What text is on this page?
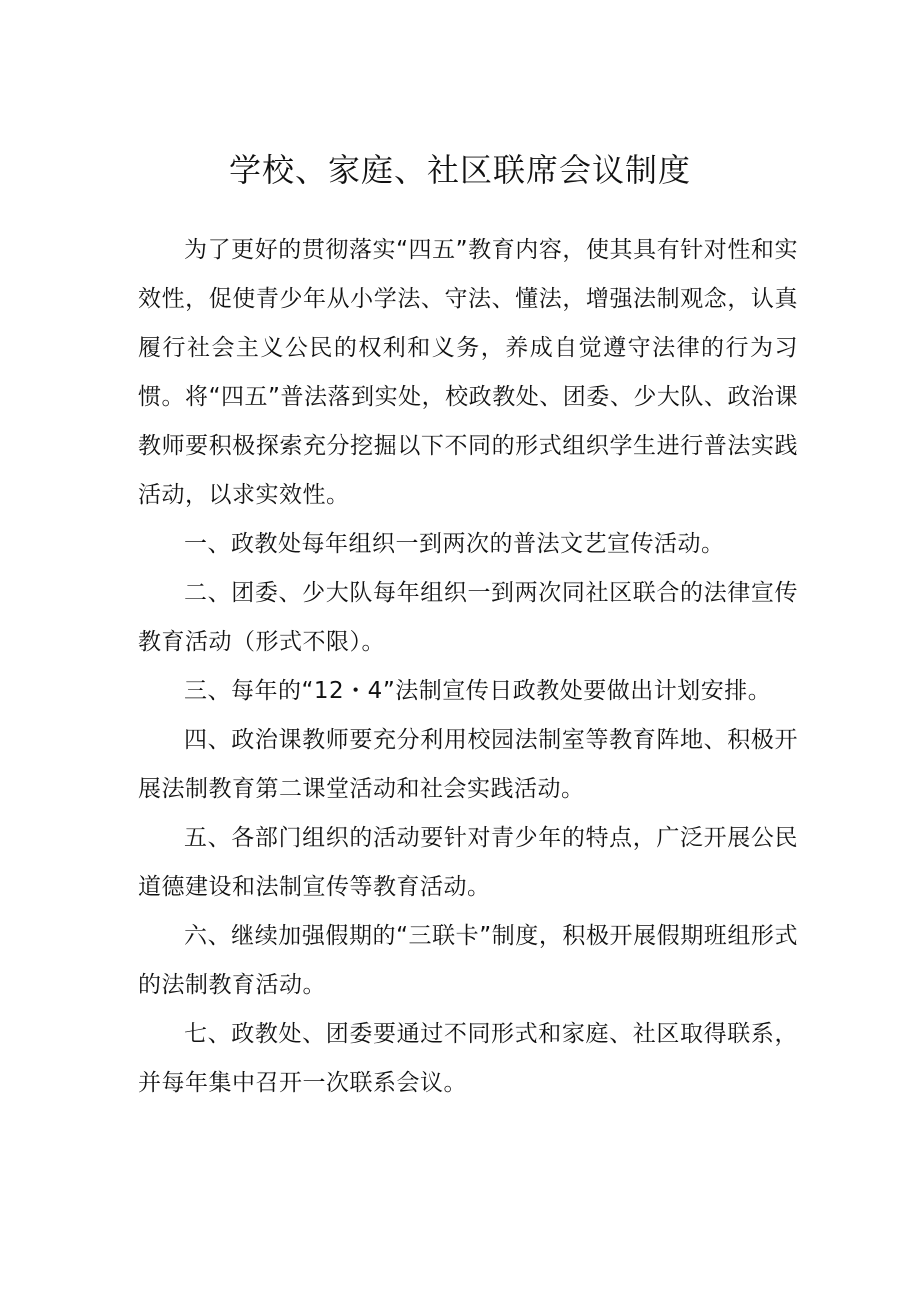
学校、家庭、社区联席会议制度

为了更好的贯彻落实“四五”教育内容，使其具有针对性和实效性，促使青少年从小学法、守法、懂法，增强法制观念，认真履行社会主义公民的权利和义务，养成自觉遵守法律的行为习惯。将“四五”普法落到实处，校政教处、团委、少大队、政治课教师要积极探索充分挖掘以下不同的形式组织学生进行普法实践活动，以求实效性。

一、政教处每年组织一到两次的普法文艺宣传活动。

二、团委、少大队每年组织一到两次同社区联合的法律宣传教育活动（形式不限）。

三、每年的“12・4”法制宣传日政教处要做出计划安排。

四、政治课教师要充分利用校园法制室等教育阵地、积极开展法制教育第二课堂活动和社会实践活动。

五、各部门组织的活动要针对青少年的特点，广泛开展公民道德建设和法制宣传等教育活动。

六、继续加强假期的“三联卡”制度，积极开展假期班组形式的法制教育活动。

七、政教处、团委要通过不同形式和家庭、社区取得联系，并每年集中召开一次联系会议。
